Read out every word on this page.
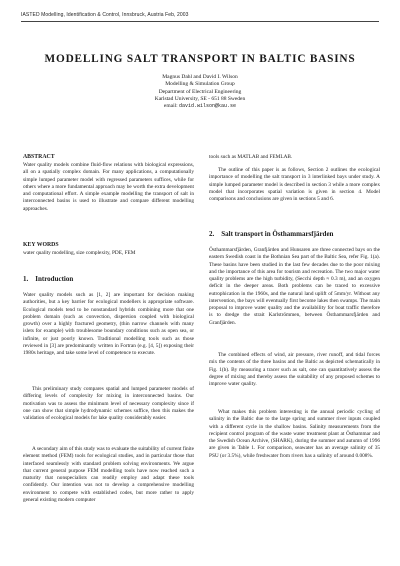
IASTED Modelling, Identification & Control, Innsbruck, Austria Feb, 2003
MODELLING SALT TRANSPORT IN BALTIC BASINS
Magnus Dahl and David I. Wilson
Modelling & Simulation Group
Department of Electrical Engineering
Karlstad University, SE - 651 88 Sweden
email: david.wilson@kau.se
ABSTRACT
Water quality models combine fluid-flow relations with biological expressions, all on a spatially complex domain. For many applications, a computationally simple lumped parameter model with regressed parameters suffices, while for others where a more fundamental approach may be worth the extra development and computational effort. A simple example modelling the transport of salt in interconnected basins is used to illustrate and compare different modelling approaches.
KEY WORDS
water quality modelling, size complexity, PDE, FEM
1. Introduction
Water quality models such as [1, 2] are important for decision making authorities, but a key barrier for ecological modellers is appropriate software. Ecological models tend to be nonstandard hybrids combining more that one problem domain (such as convection, dispersion coupled with biological growth) over a highly fractured geometry, (thin narrow channels with many islets for example) with troublesome boundary conditions such as open sea, or infinite, or just poorly known. Traditional modelling tools such as those reviewed in [3] are predominantly written in Fortran (e.g. [4, 5]) exposing their 1980s heritage, and take some level of competence to execute.
This preliminary study compares spatial and lumped parameter models of differing levels of complexity for mixing in interconnected basins. Our motivation was to assess the minimum level of necessary complexity since if one can show that simple hydrodynamic schemes suffice, then this makes the validation of ecological models for lake quality considerably easier.
A secondary aim of this study was to evaluate the suitability of current finite element method (FEM) tools for ecological studies, and in particular those that interfaced seamlessly with standard problem solving environments. We argue that current general purpose FEM modelling tools have now reached such a maturity that nonspecialists can readily employ and adapt these tools confidently. Our intention was not to develop a comprehensive modelling environment to compete with established codes, but more rather to apply general existing modern computer
tools such as MATLAB and FEMLAB.
The outline of this paper is as follows, Section 2 outlines the ecological importance of modelling the salt transport in 3 interlinked bays under study. A simple lumped parameter model is described in section 3 while a more complex model that incorporates spatial variation is given in section 4. Model comparisons and conclusions are given in sections 5 and 6.
2. Salt transport in Östhammarsfjärden
Östhammarsfjärden, Granfjärden and Hunsaren are three connected bays on the eastern Swedish coast in the Bothnian Sea part of the Baltic Sea, refer Fig. 1(a). These basins have been studied in the last few decades due to the poor mixing and the importance of this area for tourism and recreation. The two major water quality problems are the high turbidity, (Secchi depth ≈ 0.3 m), and an oxygen deficit in the deeper areas. Both problems can be traced to excessive eutrophication in the 1960s, and the natural land uplift of 5mm/yr. Without any intervention, the bays will eventually first become lakes then swamps. The main proposal to improve water quality and the availability for boat traffic therefore is to dredge the strait Karlströmmen, between Östhammarsfjärden and Granfjärden.
The combined effects of wind, air pressure, river runoff, and tidal forces mix the contents of the three basins and the Baltic as depicted schematically in Fig. 1(b). By measuring a tracer such as salt, one can quantitatively assess the degree of mixing and thereby assess the suitability of any proposed schemes to improve water quality.
What makes this problem interesting is the annual periodic cycling of salinity in the Baltic due to the large spring and summer river inputs coupled with a different cycle in the shallow basins. Salinity measurements from the recipient control program of the waste water treatment plant at Östhammar and the Swedish Ocean Archive, (SHARK), during the summer and autumn of 1996 are given in Table 1. For comparison, seawater has an average salinity of 35 PSU (or 3.5%), while freshwater from rivers has a salinity of around 0.008%.
